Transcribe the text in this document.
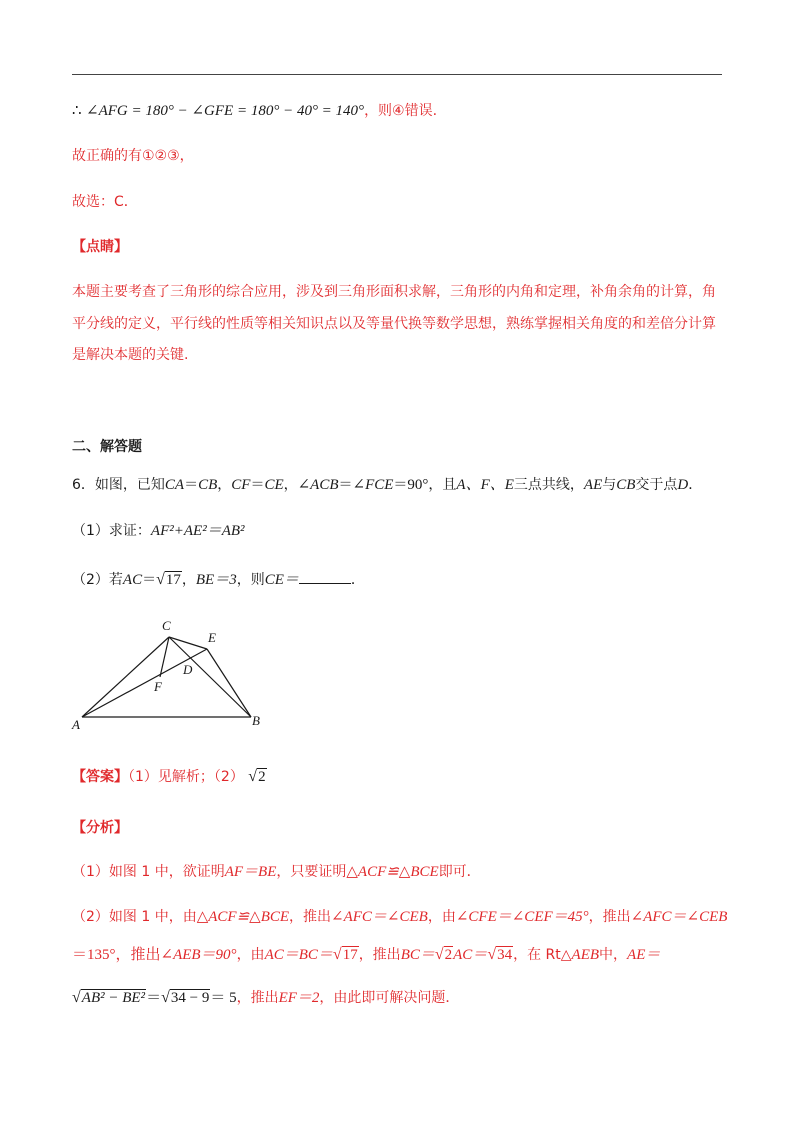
∴ ∠AFG = 180° − ∠GFE = 180° − 40° = 140°，则④错误.
故正确的有①②③，
故选：C．
【点睛】
本题主要考查了三角形的综合应用，涉及到三角形面积求解，三角形的内角和定理，补角余角的计算，角
平分线的定义，平行线的性质等相关知识点以及等量代换等数学思想，熟练掌握相关角度的和差倍分计算
是解决本题的关键.
二、解答题
6．如图，已知CA＝CB，CF＝CE，∠ACB＝∠FCE＝90°，且A、F、E三点共线，AE与CB交于点D．
（1）求证：AF²+AE²＝AB²
（2）若AC＝√17，BE＝3，则CE＝	．
C
E
D
F
A	B
【答案】（1）见解析；（2） √2
【分析】
（1）如图 1 中，欲证明AF＝BE，只要证明△ACF≌△BCE即可．
（2）如图 1 中，由△ACF≌△BCE，推出∠AFC＝∠CEB，由∠CFE＝∠CEF＝45°，推出∠AFC＝∠CEB
＝135°，推出∠AEB＝90°，由AC＝BC＝√17，推出BC＝√2AC＝√34，在 Rt△AEB中，AE＝
√AB² − BE²＝√34 − 9＝ 5，推出EF＝2，由此即可解决问题．
